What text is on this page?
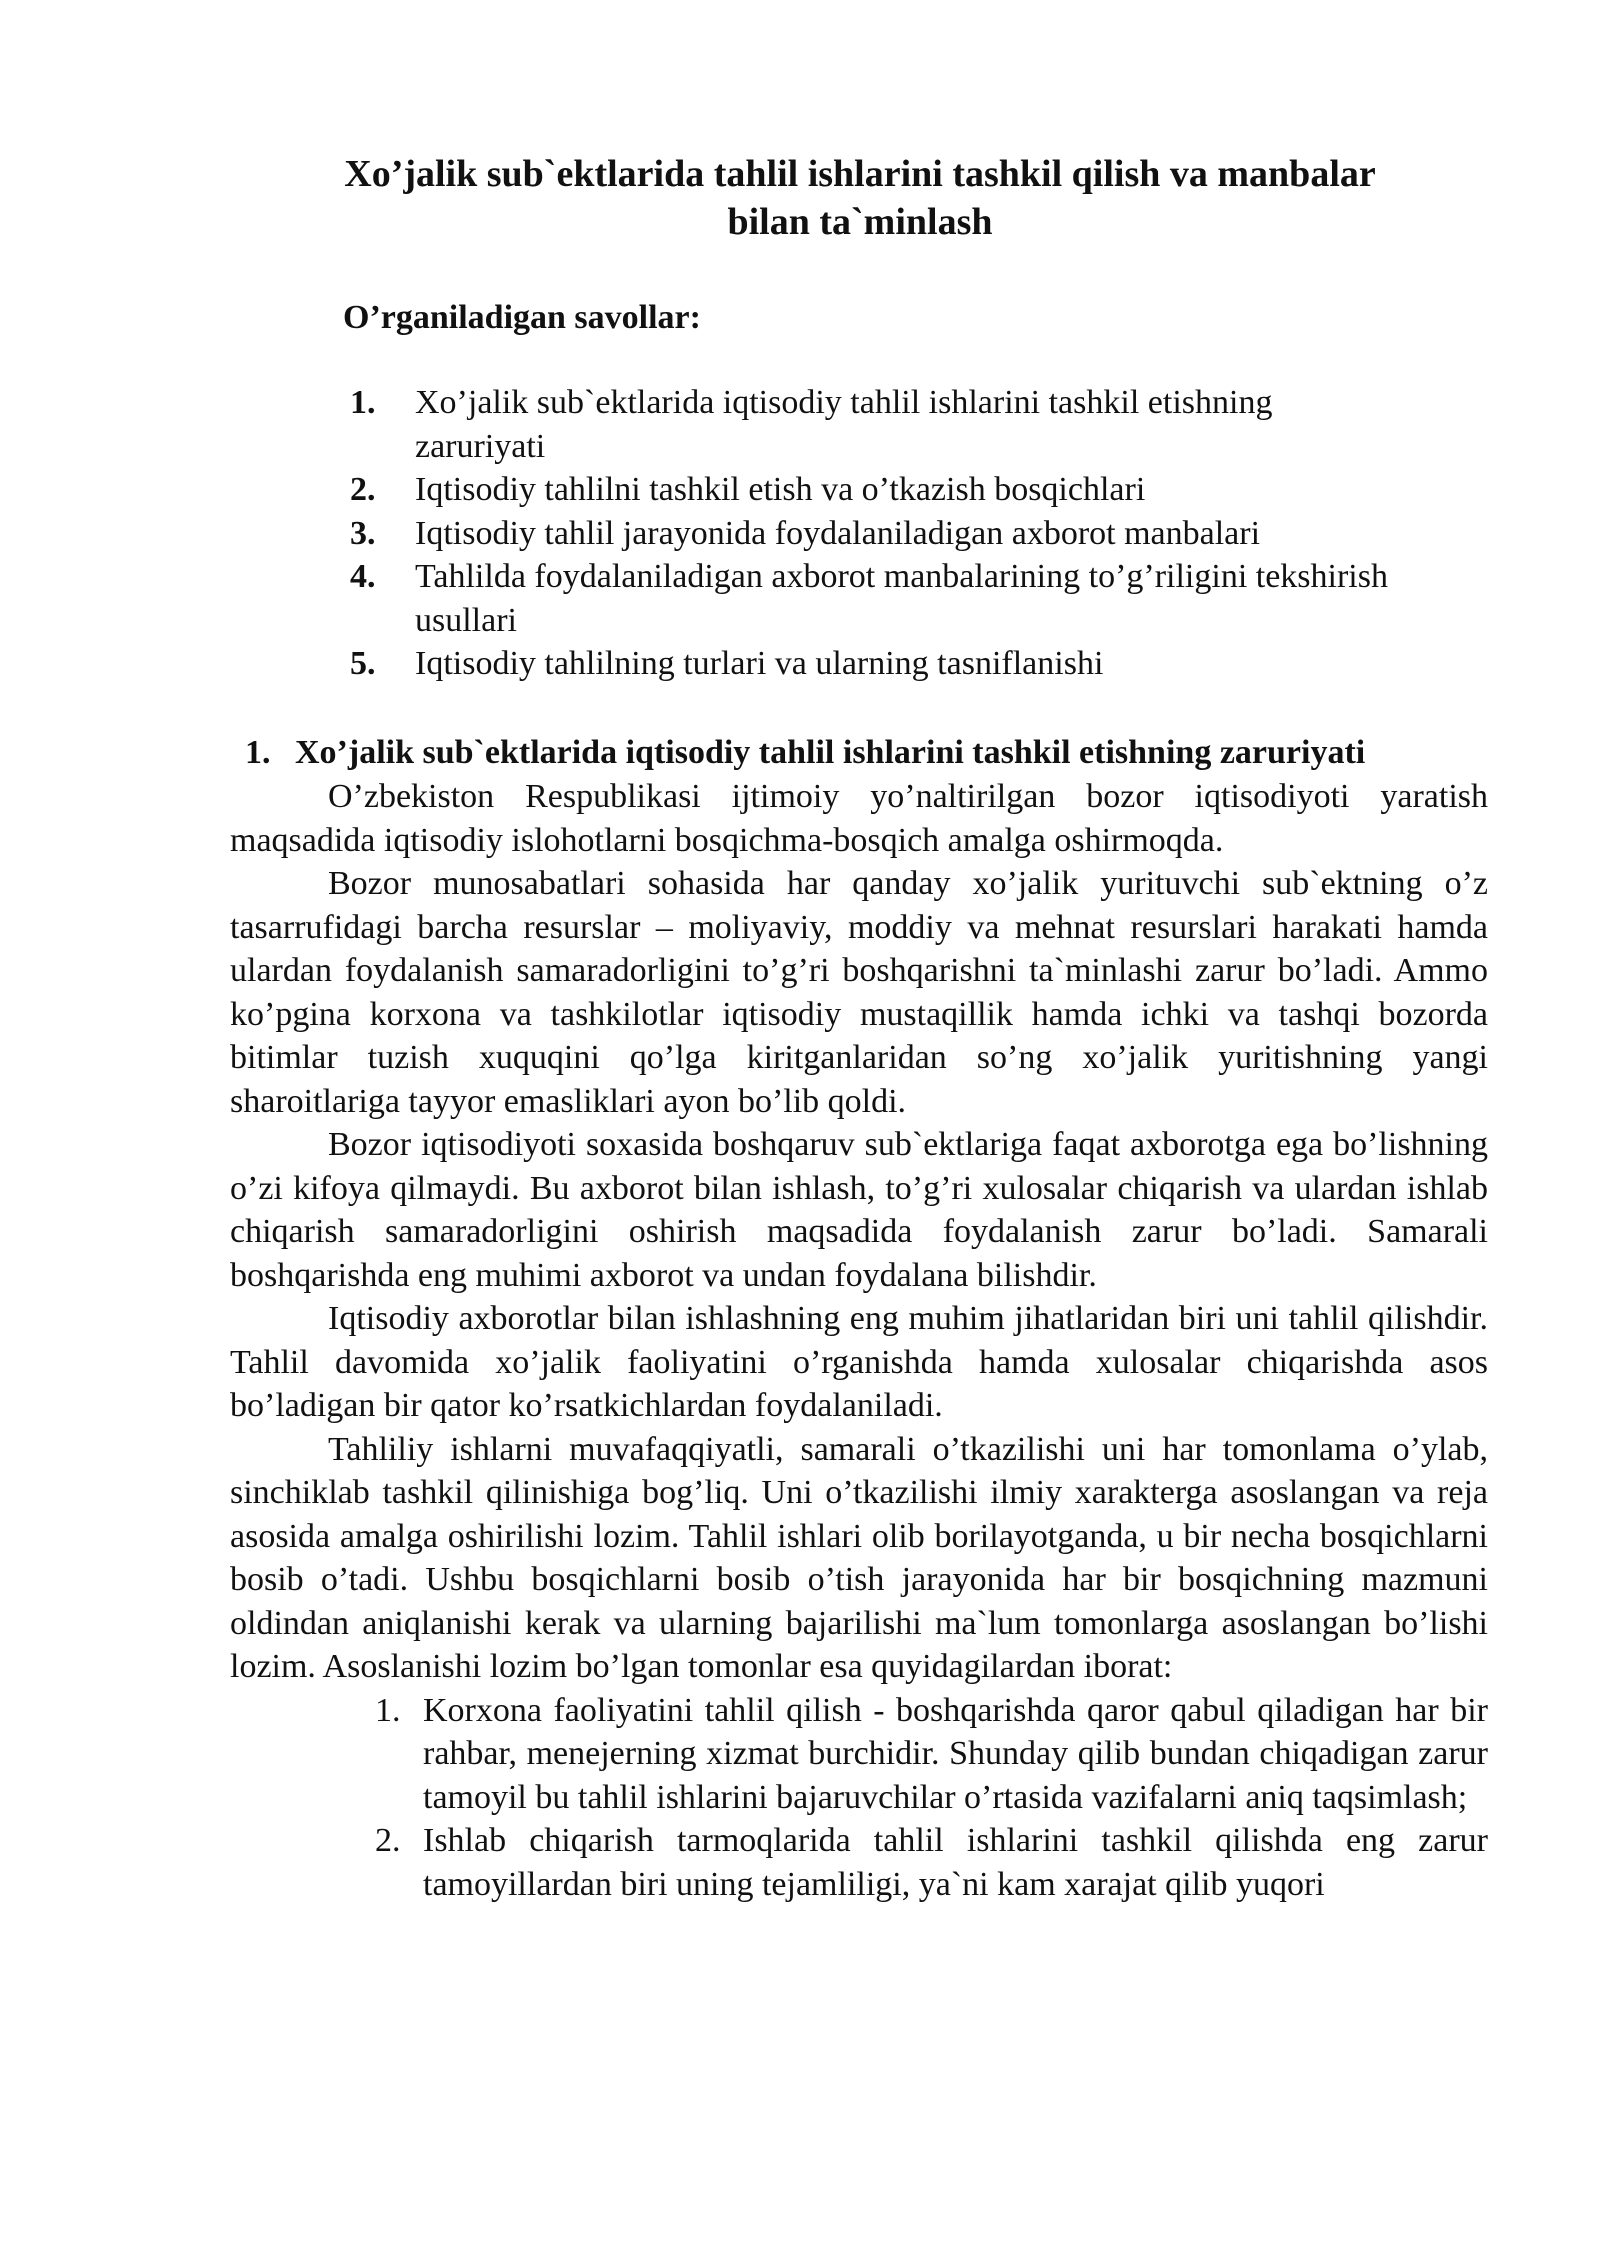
Xo’jalik sub`ektlarida tahlil ishlarini tashkil qilish va manbalar
bilan ta`minlash
O’rganiladigan savollar:
1. Xo’jalik sub`ektlarida iqtisodiy tahlil ishlarini tashkil etishning zaruriyati
2. Iqtisodiy tahlilni tashkil etish va o’tkazish bosqichlari
3. Iqtisodiy tahlil jarayonida foydalaniladigan axborot manbalari
4. Tahlilda foydalaniladigan axborot manbalarining to’g’riligini tekshirish usullari
5. Iqtisodiy tahlilning turlari va ularning tasniflanishi
1. Xo’jalik sub`ektlarida iqtisodiy tahlil ishlarini tashkil etishning zaruriyati

O’zbekiston Respublikasi ijtimoiy yo’naltirilgan bozor iqtisodiyoti yaratish maqsadida iqtisodiy islohotlarni bosqichma-bosqich amalga oshirmoqda.

Bozor munosabatlari sohasida har qanday xo’jalik yurituvchi sub`ektning o’z tasarrufidagi barcha resurslar – moliyaviy, moddiy va mehnat resurslari harakati hamda ulardan foydalanish samaradorligini to’g’ri boshqarishni ta`minlashi zarur bo’ladi. Ammo ko’pgina korxona va tashkilotlar iqtisodiy mustaqillik hamda ichki va tashqi bozorda bitimlar tuzish xuquqini qo’lga kiritganlaridan so’ng xo’jalik yuritishning yangi sharoitlariga tayyor emasliklari ayon bo’lib qoldi.

Bozor iqtisodiyoti soxasida boshqaruv sub`ektlariga faqat axborotga ega bo’lishning o’zi kifoya qilmaydi. Bu axborot bilan ishlash, to’g’ri xulosalar chiqarish va ulardan ishlab chiqarish samaradorligini oshirish maqsadida foydalanish zarur bo’ladi. Samarali boshqarishda eng muhimi axborot va undan foydalana bilishdir.

Iqtisodiy axborotlar bilan ishlashning eng muhim jihatlaridan biri uni tahlil qilishdir. Tahlil davomida xo’jalik faoliyatini o’rganishda hamda xulosalar chiqarishda asos bo’ladigan bir qator ko’rsatkichlardan foydalaniladi.

Tahliliy ishlarni muvafaqqiyatli, samarali o’tkazilishi uni har tomonlama o’ylab, sinchiklab tashkil qilinishiga bog’liq. Uni o’tkazilishi ilmiy xarakterga asoslangan va reja asosida amalga oshirilishi lozim. Tahlil ishlari olib borilayotganda, u bir necha bosqichlarni bosib o’tadi. Ushbu bosqichlarni bosib o’tish jarayonida har bir bosqichning mazmuni oldindan aniqlanishi kerak va ularning bajarilishi ma`lum tomonlarga asoslangan bo’lishi lozim. Asoslanishi lozim bo’lgan tomonlar esa quyidagilardan iborat:

1. Korxona faoliyatini tahlil qilish - boshqarishda qaror qabul qiladigan har bir rahbar, menejerning xizmat burchidir. Shunday qilib bundan chiqadigan zarur tamoyil bu tahlil ishlarini bajaruvchilar o’rtasida vazifalarni aniq taqsimlash;
2. Ishlab chiqarish tarmoqlarida tahlil ishlarini tashkil qilishda eng zarur tamoyillardan biri uning tejamliligi, ya`ni kam xarajat qilib yuqori
